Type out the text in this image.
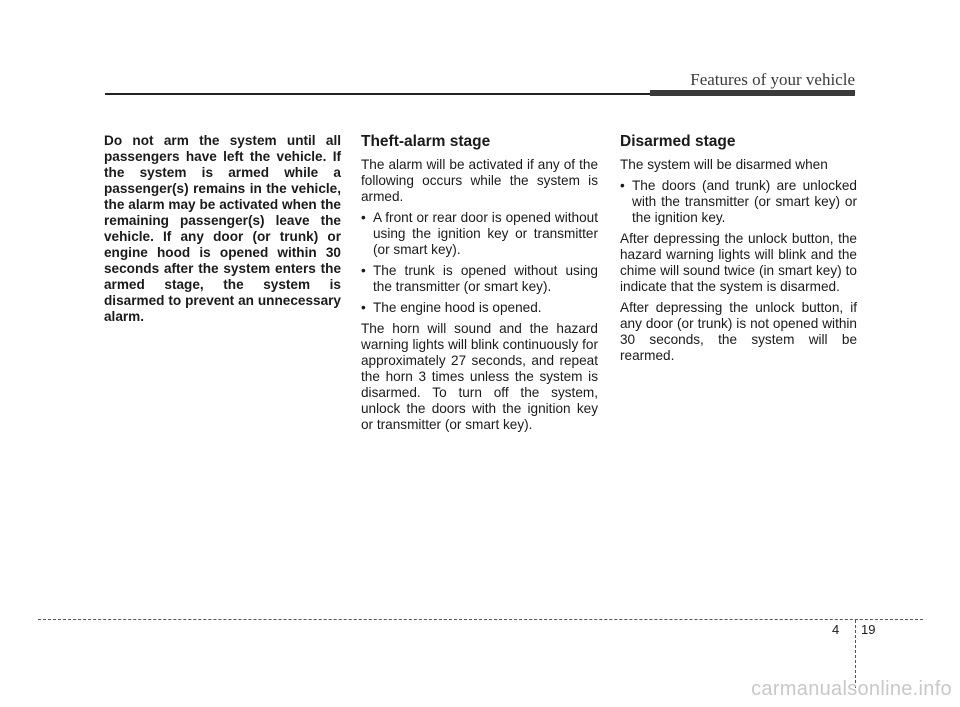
Features of your vehicle

Do not arm the system until all passengers have left the vehicle. If the system is armed while a passenger(s) remains in the vehicle, the alarm may be activated when the remaining passenger(s) leave the vehicle. If any door (or trunk) or engine hood is opened within 30 seconds after the system enters the armed stage, the system is disarmed to prevent an unnecessary alarm.

Theft-alarm stage

The alarm will be activated if any of the following occurs while the system is armed.

• A front or rear door is opened without using the ignition key or transmitter (or smart key).
• The trunk is opened without using the transmitter (or smart key).
• The engine hood is opened.

The horn will sound and the hazard warning lights will blink continuously for approximately 27 seconds, and repeat the horn 3 times unless the system is disarmed. To turn off the system, unlock the doors with the ignition key or transmitter (or smart key).

Disarmed stage

The system will be disarmed when

• The doors (and trunk) are unlocked with the transmitter (or smart key) or the ignition key.

After depressing the unlock button, the hazard warning lights will blink and the chime will sound twice (in smart key) to indicate that the system is disarmed.

After depressing the unlock button, if any door (or trunk) is not opened within 30 seconds, the system will be rearmed.

4 19
carmanualsonline.info
